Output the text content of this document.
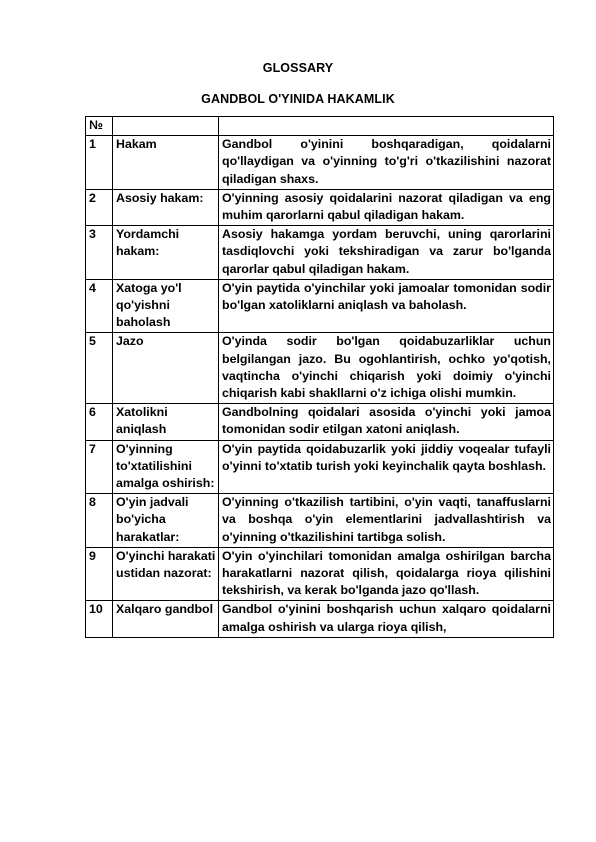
GLOSSARY
GANDBOL O'YINIDA HAKAMLIK
№		
1	Hakam	Gandbol o'yinini boshqaradigan, qoidalarni qo'llaydigan va o'yinning to'g'ri o'tkazilishini nazorat qiladigan shaxs.
2	Asosiy hakam:	O'yinning asosiy qoidalarini nazorat qiladigan va eng muhim qarorlarni qabul qiladigan hakam.
3	Yordamchi hakam:	Asosiy hakamga yordam beruvchi, uning qarorlarini tasdiqlovchi yoki tekshiradigan va zarur bo'lganda qarorlar qabul qiladigan hakam.
4	Xatoga yo'l qo'yishni baholash	O'yin paytida o'yinchilar yoki jamoalar tomonidan sodir bo'lgan xatoliklarni aniqlash va baholash.
5	Jazo	O'yinda sodir bo'lgan qoidabuzarliklar uchun belgilangan jazo. Bu ogohlantirish, ochko yo'qotish, vaqtincha o'yinchi chiqarish yoki doimiy o'yinchi chiqarish kabi shakllarni o'z ichiga olishi mumkin.
6	Xatolikni aniqlash	Gandbolning qoidalari asosida o'yinchi yoki jamoa tomonidan sodir etilgan xatoni aniqlash.
7	O'yinning to'xtatilishini amalga oshirish:	O'yin paytida qoidabuzarlik yoki jiddiy voqealar tufayli o'yinni to'xtatib turish yoki keyinchalik qayta boshlash.
8	O'yin jadvali bo'yicha harakatlar:	O'yinning o'tkazilish tartibini, o'yin vaqti, tanaffuslarni va boshqa o'yin elementlarini jadvallashtirish va o'yinning o'tkazilishini tartibga solish.
9	O'yinchi harakati ustidan nazorat:	O'yin o'yinchilari tomonidan amalga oshirilgan barcha harakatlarni nazorat qilish, qoidalarga rioya qilishini tekshirish, va kerak bo'lganda jazo qo'llash.
10	Xalqaro gandbol	Gandbol o'yinini boshqarish uchun xalqaro qoidalarni amalga oshirish va ularga rioya qilish,
